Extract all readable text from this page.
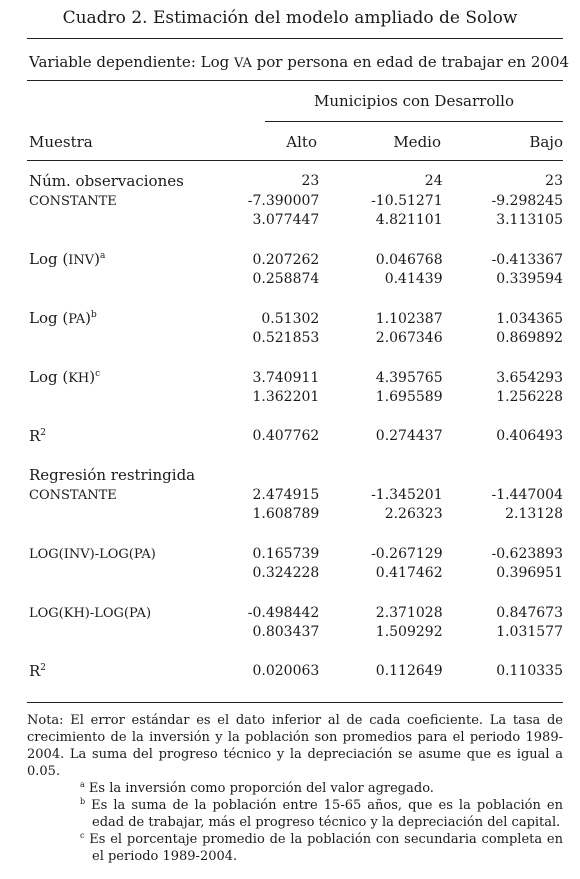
Cuadro 2. Estimación del modelo ampliado de Solow
Variable dependiente: Log VA por persona en edad de trabajar en 2004
Municipios con Desarrollo
Muestra	Alto	Medio	Bajo
Núm. observaciones	23	24	23
CONSTANTE	-7.390007	-10.51271	-9.298245
	3.077447	4.821101	3.113105

Log (INV)$^a$	0.207262	0.046768	-0.413367
	0.258874	0.41439	0.339594

Log (PA)$^b$	0.51302	1.102387	1.034365
	0.521853	2.067346	0.869892

Log (KH)$^c$	3.740911	4.395765	3.654293
	1.362201	1.695589	1.256228

$R^2$	0.407762	0.274437	0.406493

Regresión restringida			
CONSTANTE	2.474915	-1.345201	-1.447004
	1.608789	2.26323	2.13128

LOG(INV)-LOG(PA)	0.165739	-0.267129	-0.623893
	0.324228	0.417462	0.396951

LOG(KH)-LOG(PA)	-0.498442	2.371028	0.847673
	0.803437	1.509292	1.031577

$R^2$	0.020063	0.112649	0.110335
Nota: El error estándar es el dato inferior al de cada coeficiente. La tasa de crecimiento de la inversión y la población son promedios para el periodo 1989-2004. La suma del progreso técnico y la depreciación se asume que es igual a 0.05.
$^a$ Es la inversión como proporción del valor agregado.
$^b$ Es la suma de la población entre 15-65 años, que es la población en edad de trabajar, más el progreso técnico y la depreciación del capital.
$^c$ Es el porcentaje promedio de la población con secundaria completa en el periodo 1989-2004.
